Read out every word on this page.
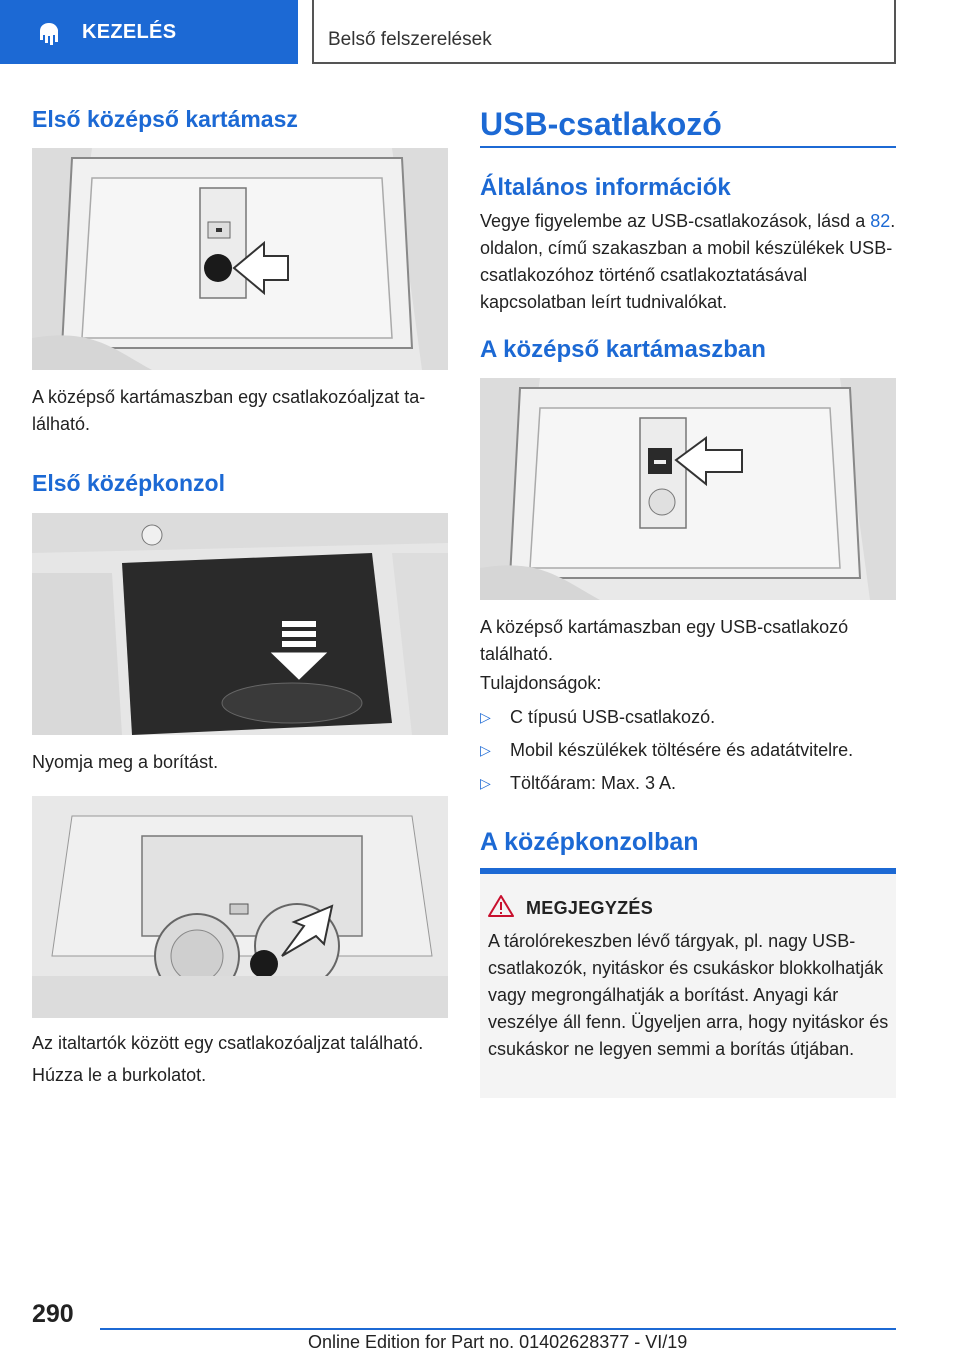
KEZELÉS	Belső felszerelések
Első középső kartámasz

A középső kartámaszban egy csatlakozóaljzat található.

Első középkonzol

Nyomja meg a borítást.

Az italtartók között egy csatlakozóaljzat található.

Húzza le a burkolatot.

USB-csatlakozó
Általános információk

Vegye figyelembe az USB-csatlakozások, lásd a 82. oldalon, című szakaszban a mobil készülékek USB-csatlakozóhoz történő csatlakoztatásával kapcsolatban leírt tudnivalókat.

A középső kartámaszban

A középső kartámaszban egy USB-csatlakozó található.

Tulajdonságok:

▷ C típusú USB-csatlakozó.
▷ Mobil készülékek töltésére és adatátvitelre.
▷ Töltőáram: Max. 3 A.
A középkonzolban
MEGJEGYZÉS

A tárolórekeszben lévő tárgyak, pl. nagy USB-csatlakozók, nyitáskor és csukáskor blokkolhatják vagy megrongálhatják a borítást. Anyagi kár veszélye áll fenn. Ügyeljen arra, hogy nyitáskor és csukáskor ne legyen semmi a borítás útjában.

290
Online Edition for Part no. 01402628377 - VI/19
